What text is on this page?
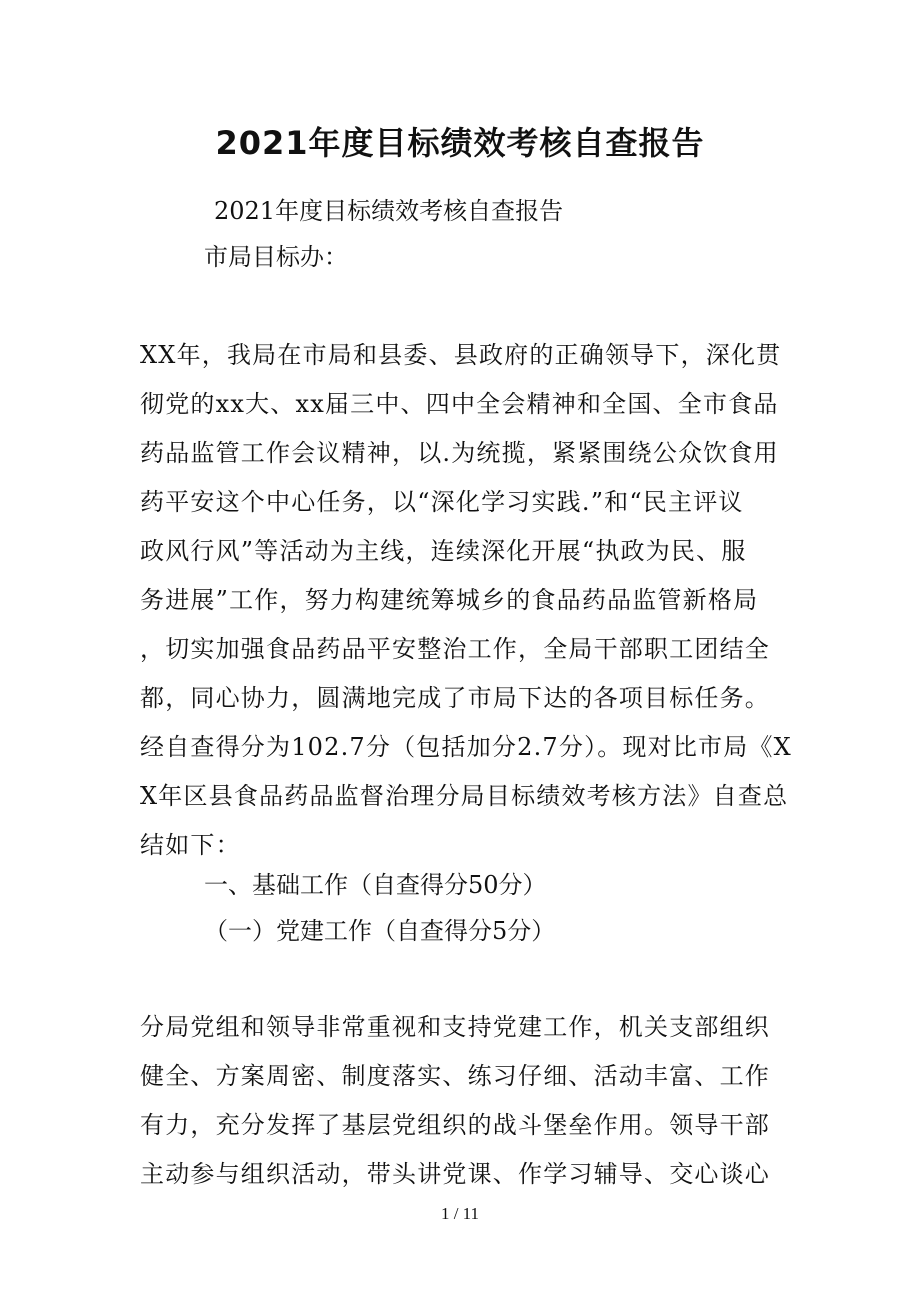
2021年度目标绩效考核自查报告
2021年度目标绩效考核自查报告
市局目标办：
XX年，我局在市局和县委、县政府的正确领导下，深化贯
彻党的xx大、xx届三中、四中全会精神和全国、全市食品
药品监管工作会议精神，以.为统揽，紧紧围绕公众饮食用
药平安这个中心任务，以“深化学习实践.”和“民主评议
政风行风”等活动为主线，连续深化开展“执政为民、服
务进展”工作，努力构建统筹城乡的食品药品监管新格局
，切实加强食品药品平安整治工作，全局干部职工团结全
都，同心协力，圆满地完成了市局下达的各项目标任务。
经自查得分为102.7分（包括加分2.7分）。现对比市局《X
X年区县食品药品监督治理分局目标绩效考核方法》自查总
结如下：
一、基础工作（自查得分50分）
（一）党建工作（自查得分5分）
分局党组和领导非常重视和支持党建工作，机关支部组织
健全、方案周密、制度落实、练习仔细、活动丰富、工作
有力，充分发挥了基层党组织的战斗堡垒作用。领导干部
主动参与组织活动，带头讲党课、作学习辅导、交心谈心
1 / 11
